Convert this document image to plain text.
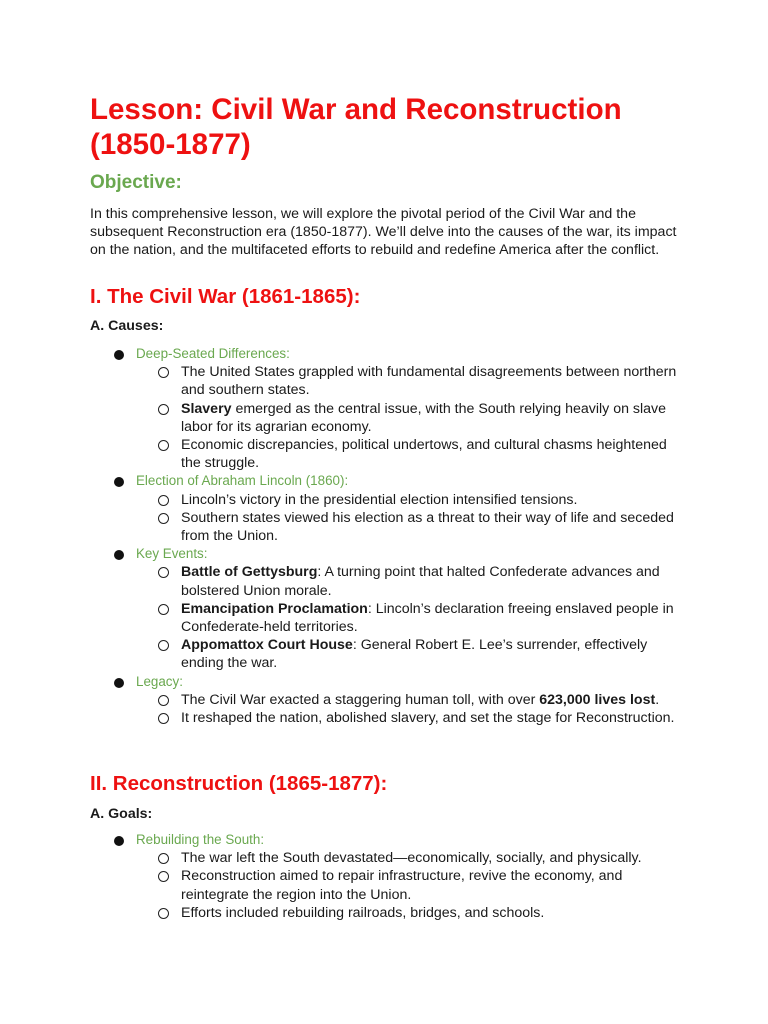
Lesson: Civil War and Reconstruction (1850-1877)
Objective:

In this comprehensive lesson, we will explore the pivotal period of the Civil War and the subsequent Reconstruction era (1850-1877). We’ll delve into the causes of the war, its impact on the nation, and the multifaceted efforts to rebuild and redefine America after the conflict.

I. The Civil War (1861-1865):
A. Causes:
Deep-Seated Differences:
The United States grappled with fundamental disagreements between northern and southern states.
Slavery emerged as the central issue, with the South relying heavily on slave labor for its agrarian economy.
Economic discrepancies, political undertows, and cultural chasms heightened the struggle.
Election of Abraham Lincoln (1860):
Lincoln’s victory in the presidential election intensified tensions.
Southern states viewed his election as a threat to their way of life and seceded from the Union.
Key Events:
Battle of Gettysburg: A turning point that halted Confederate advances and bolstered Union morale.
Emancipation Proclamation: Lincoln’s declaration freeing enslaved people in Confederate-held territories.
Appomattox Court House: General Robert E. Lee’s surrender, effectively ending the war.
Legacy:
The Civil War exacted a staggering human toll, with over 623,000 lives lost.
It reshaped the nation, abolished slavery, and set the stage for Reconstruction.
II. Reconstruction (1865-1877):
A. Goals:
Rebuilding the South:
The war left the South devastated—economically, socially, and physically.
Reconstruction aimed to repair infrastructure, revive the economy, and reintegrate the region into the Union.
Efforts included rebuilding railroads, bridges, and schools.
